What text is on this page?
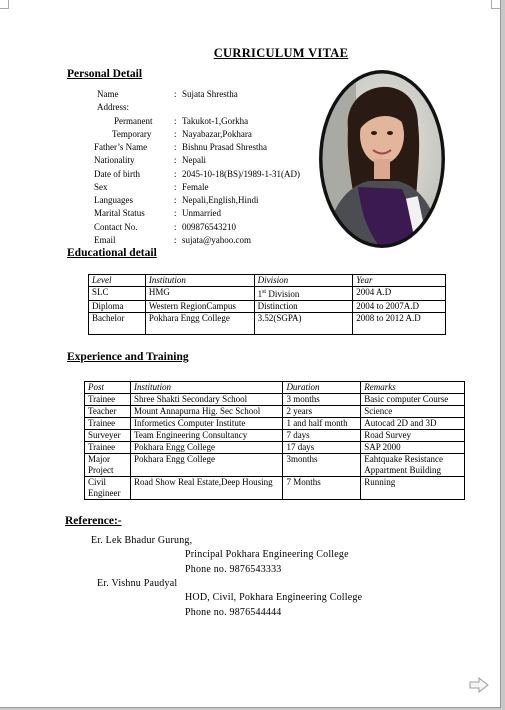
CURRICULUM VITAE
Personal Detail
Name	: Sujata Shrestha
Address:
Permanent : Takukot-1,Gorkha
Temporary	: Nayabazar,Pokhara
Father’s Name	: Bishnu Prasad Shrestha
Nationality	: Nepali
Date of birth	: 2045-10-18(BS)/1989-1-31(AD)
Sex	: Female
Languages	: Nepali,English,Hindi
Marital Status	: Unmarried
Contact No.	: 009876543210
Email	: sujata@yahoo.com
Educational detail
Level	Institution	Division	Year
SLC	HMG	1st Division	2004 A.D
Diploma	Western RegionCampus	Distinction	2004 to 2007A.D
Bachelor	Pokhara Engg College	3.52(SGPA)	2008 to 2012 A.D
Experience and Training
Post	Institution	Duration	Remarks
Trainee	Shree Shakti Secondary School	3 months	Basic computer Course
Teacher	Mount Annapurna Hig. Sec School	2 years	Science
Trainee	Informetics Computer Institute	1 and half month	Autocad 2D and 3D
Surveyer	Team Engineering Consultancy	7 days	Road Survey
Trainee	Pokhara Engg College	17 days	SAP 2000
Major Project	Pokhara Engg College	3months	Eahtquake Resistance Appartment Building
Civil Engineer	Road Show Real Estate,Deep Housing	7 Months	Running
Reference:-
Er. Lek Bhadur Gurung,
Principal Pokhara Engineering College
Phone no. 9876543333
Er. Vishnu Paudyal
HOD, Civil, Pokhara Engineering College
Phone no. 9876544444
